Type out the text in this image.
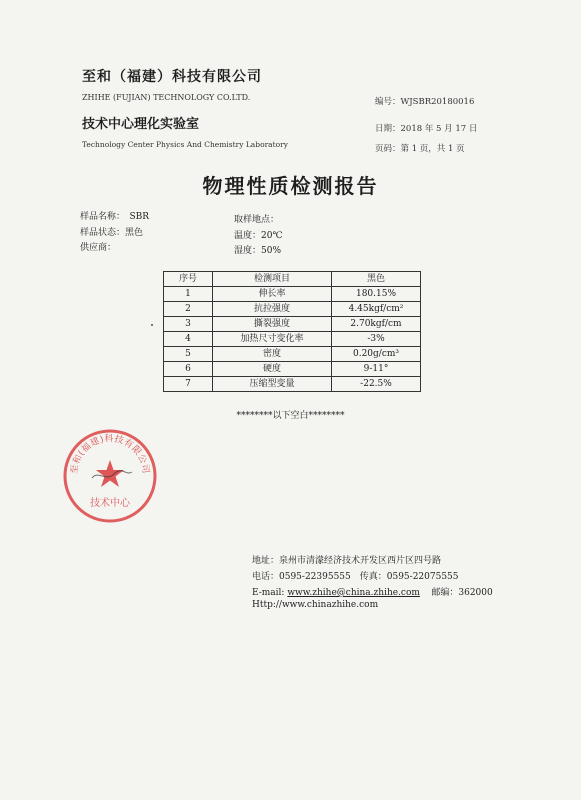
至和（福建）科技有限公司
ZHIHE (FUJIAN) TECHNOLOGY CO.LTD.
技术中心理化实验室
Technology Center Physics And Chemistry Laboratory
编号：WJSBR20180016
日期：2018 年 5 月 17 日
页码：第 1 页，共 1 页
物理性质检测报告
样品名称：　SBR
样品状态：黑色
供应商：
取样地点：
温度：20℃
湿度：50%
序号	检测项目	黑色
1	伸长率	180.15%
2	抗拉强度	4.45kgf/cm²
3	撕裂强度	2.70kgf/cm
4	加热尺寸变化率	-3%
5	密度	0.20g/cm³
6	硬度	9-11°
7	压缩型变量	-22.5%
********以下空白********
至和(福建)科技有限公司
技术中心
地址：泉州市清濛经济技术开发区西片区四号路
电话：0595-22395555　传真：0595-22075555
E-mail: www.zhihe@china.zhihe.com 邮编：362000
Http://www.chinazhihe.com
